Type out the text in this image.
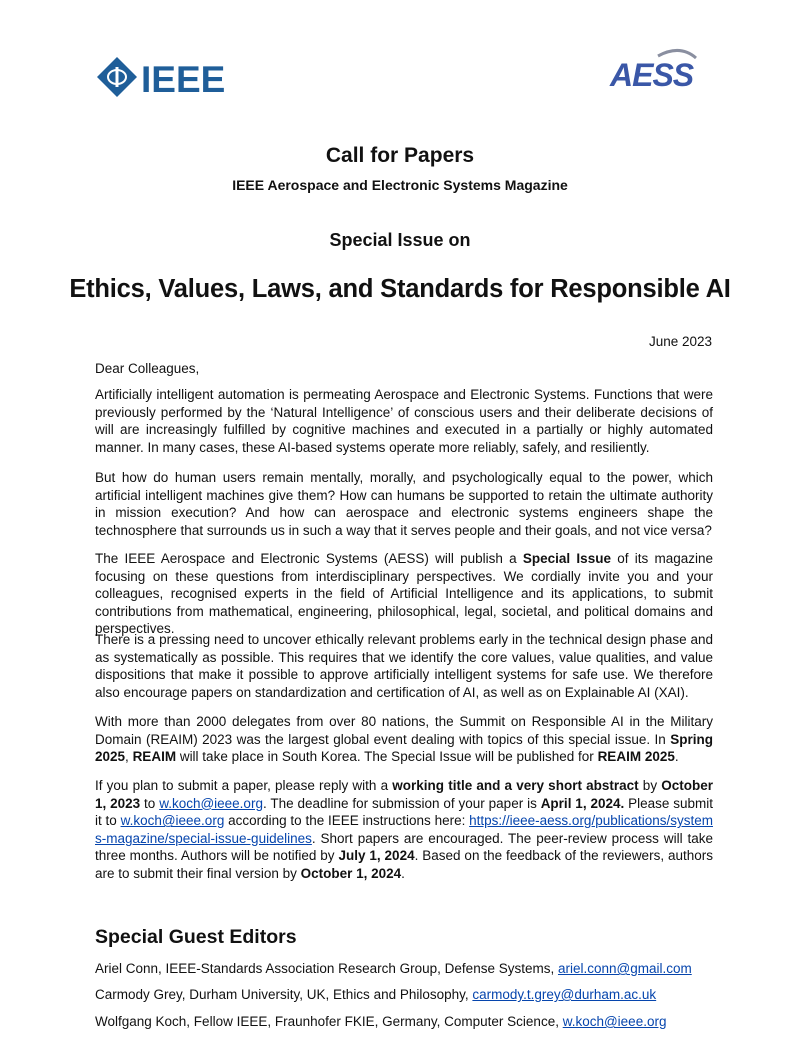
IEEE	AESS
Call for Papers
IEEE Aerospace and Electronic Systems Magazine
Special Issue on
Ethics, Values, Laws, and Standards for Responsible AI
June 2023
Dear Colleagues,
Artificially intelligent automation is permeating Aerospace and Electronic Systems. Functions that were previously performed by the ‘Natural Intelligence’ of conscious users and their deliberate decisions of will are increasingly fulfilled by cognitive machines and executed in a partially or highly automated manner. In many cases, these AI-based systems operate more reliably, safely, and resiliently.
But how do human users remain mentally, morally, and psychologically equal to the power, which artificial intelligent machines give them? How can humans be supported to retain the ultimate authority in mission execution? And how can aerospace and electronic systems engineers shape the technosphere that surrounds us in such a way that it serves people and their goals, and not vice versa?
The IEEE Aerospace and Electronic Systems (AESS) will publish a Special Issue of its magazine focusing on these questions from interdisciplinary perspectives. We cordially invite you and your colleagues, recognised experts in the field of Artificial Intelligence and its applications, to submit contributions from mathematical, engineering, philosophical, legal, societal, and political domains and perspectives.
There is a pressing need to uncover ethically relevant problems early in the technical design phase and as systematically as possible. This requires that we identify the core values, value qualities, and value dispositions that make it possible to approve artificially intelligent systems for safe use. We therefore also encourage papers on standardization and certification of AI, as well as on Explainable AI (XAI).
With more than 2000 delegates from over 80 nations, the Summit on Responsible AI in the Military Domain (REAIM) 2023 was the largest global event dealing with topics of this special issue. In Spring 2025, REAIM will take place in South Korea. The Special Issue will be published for REAIM 2025.
If you plan to submit a paper, please reply with a working title and a very short abstract by October 1, 2023 to w.koch@ieee.org. The deadline for submission of your paper is April 1, 2024. Please submit it to w.koch@ieee.org according to the IEEE instructions here: https://ieee-aess.org/publications/systems-magazine/special-issue-guidelines. Short papers are encouraged. The peer-review process will take three months. Authors will be notified by July 1, 2024. Based on the feedback of the reviewers, authors are to submit their final version by October 1, 2024.
Special Guest Editors
Ariel Conn, IEEE-Standards Association Research Group, Defense Systems, ariel.conn@gmail.com
Carmody Grey, Durham University, UK, Ethics and Philosophy, carmody.t.grey@durham.ac.uk
Wolfgang Koch, Fellow IEEE, Fraunhofer FKIE, Germany, Computer Science, w.koch@ieee.org
